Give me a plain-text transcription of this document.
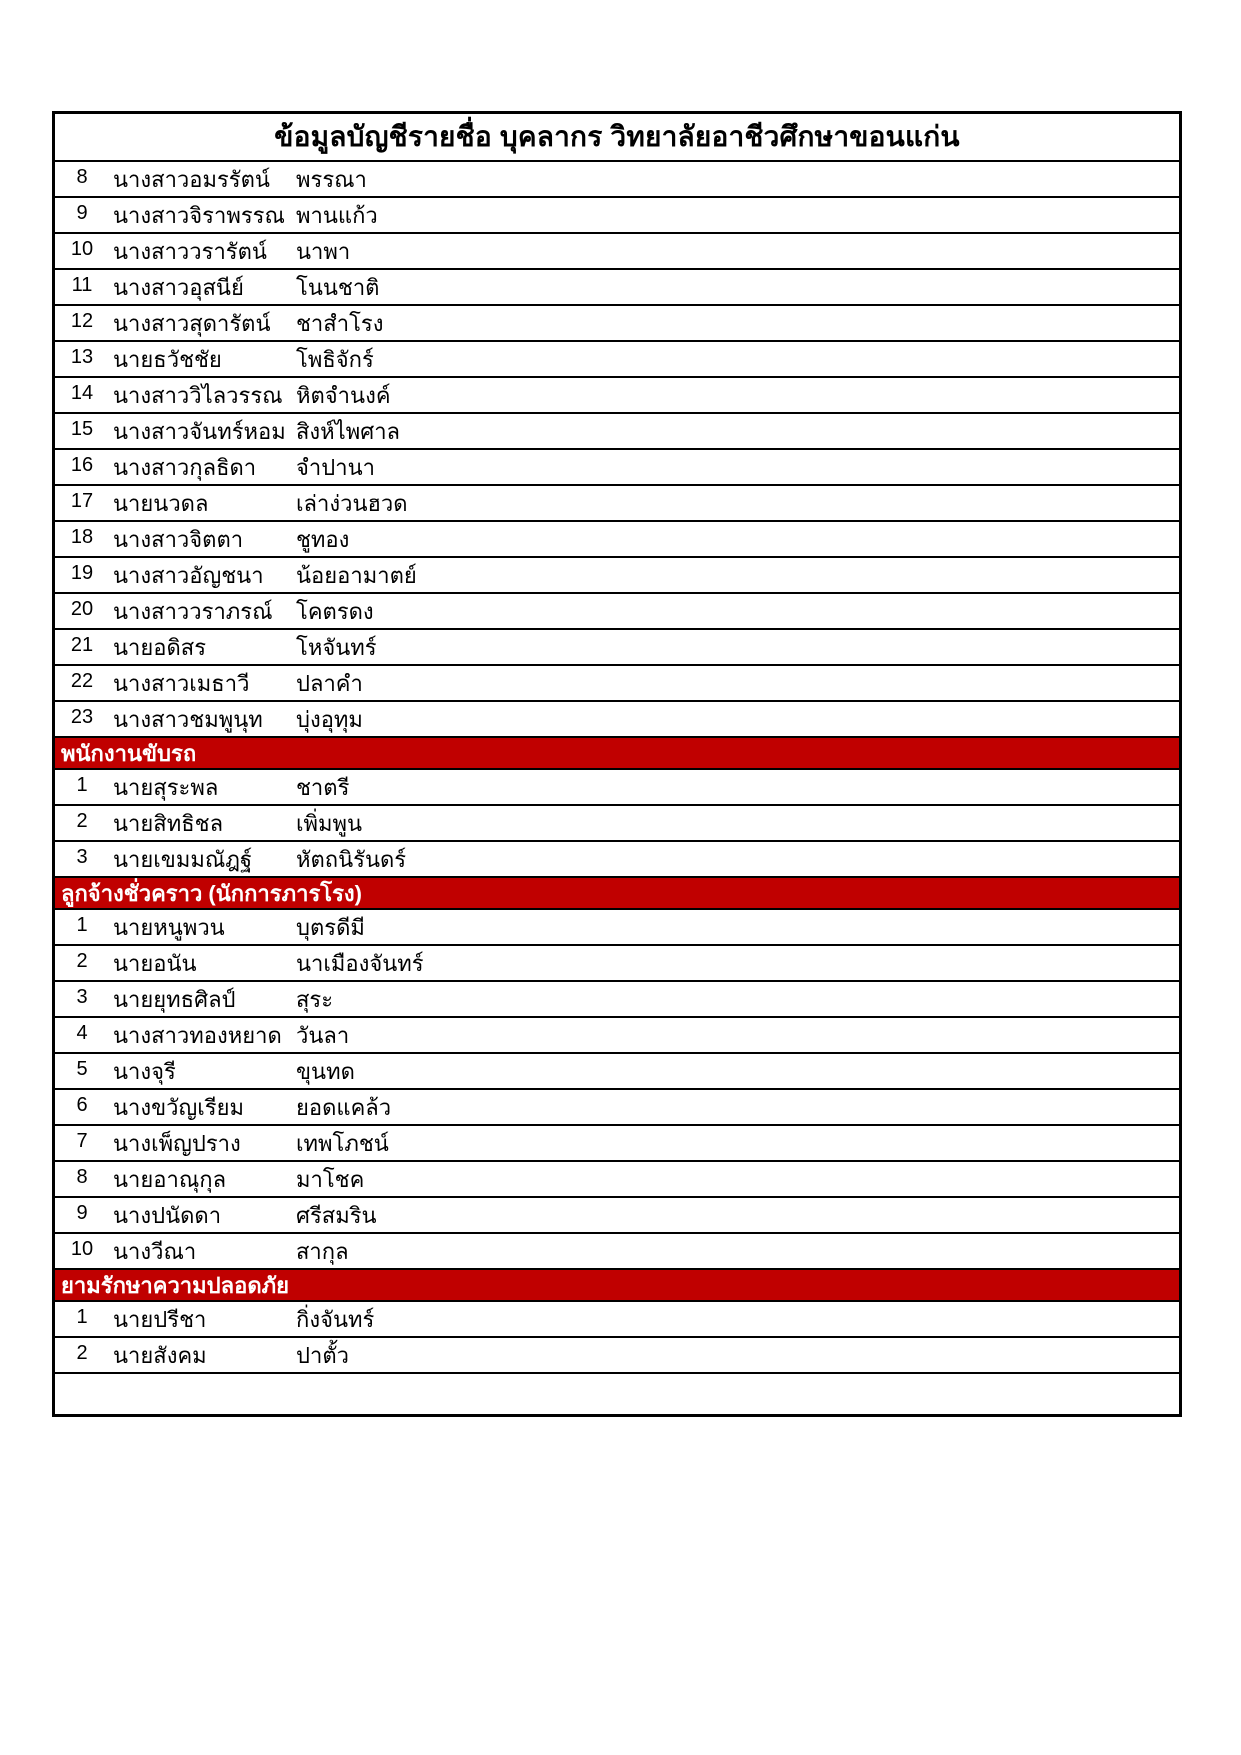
ข้อมูลบัญชีรายชื่อ บุคลากร วิทยาลัยอาชีวศึกษาขอนแก่น
8	นางสาวอมรรัตน์	พรรณา
9	นางสาวจิราพรรณ พานแก้ว
10 นางสาววรารัตน์	นาพา
11 นางสาวอุสนีย์	โนนชาติ
12 นางสาวสุดารัตน์	ชาสำโรง
13 นายธวัชชัย	โพธิจักร์
14 นางสาววิไลวรรณ หิตจำนงค์
15 นางสาวจันทร์หอม สิงห์ไพศาล
16 นางสาวกุลธิดา	จำปานา
17 นายนวดล	เล่าง่วนฮวด
18 นางสาวจิตตา	ชูทอง
19 นางสาวอัญชนา	น้อยอามาตย์
20 นางสาววราภรณ์	โคตรดง
21 นายอดิสร	โหจันทร์
22 นางสาวเมธาวี	ปลาคำ
23 นางสาวชมพูนุท	บุ่งอุทุม
พนักงานขับรถ
1	นายสุระพล	ชาตรี
2	นายสิทธิชล	เพิ่มพูน
3	นายเขมมณัฎฐ์	หัตถนิรันดร์
ลูกจ้างชั่วคราว (นักการภารโรง)
1	นายหนูพวน	บุตรดีมี
2	นายอนัน	นาเมืองจันทร์
3	นายยุทธศิลป์	สุระ
4	นางสาวทองหยาด วันลา
5	นางจุรี	ขุนทด
6	นางขวัญเรียม	ยอดแคล้ว
7	นางเพ็ญปราง	เทพโภชน์
8	นายอาณุกุล	มาโชค
9	นางปนัดดา	ศรีสมริน
10 นางวีณา	สากุล
ยามรักษาความปลอดภัย
1	นายปรีชา	กิ่งจันทร์
2	นายสังคม	ปาตั้ว
